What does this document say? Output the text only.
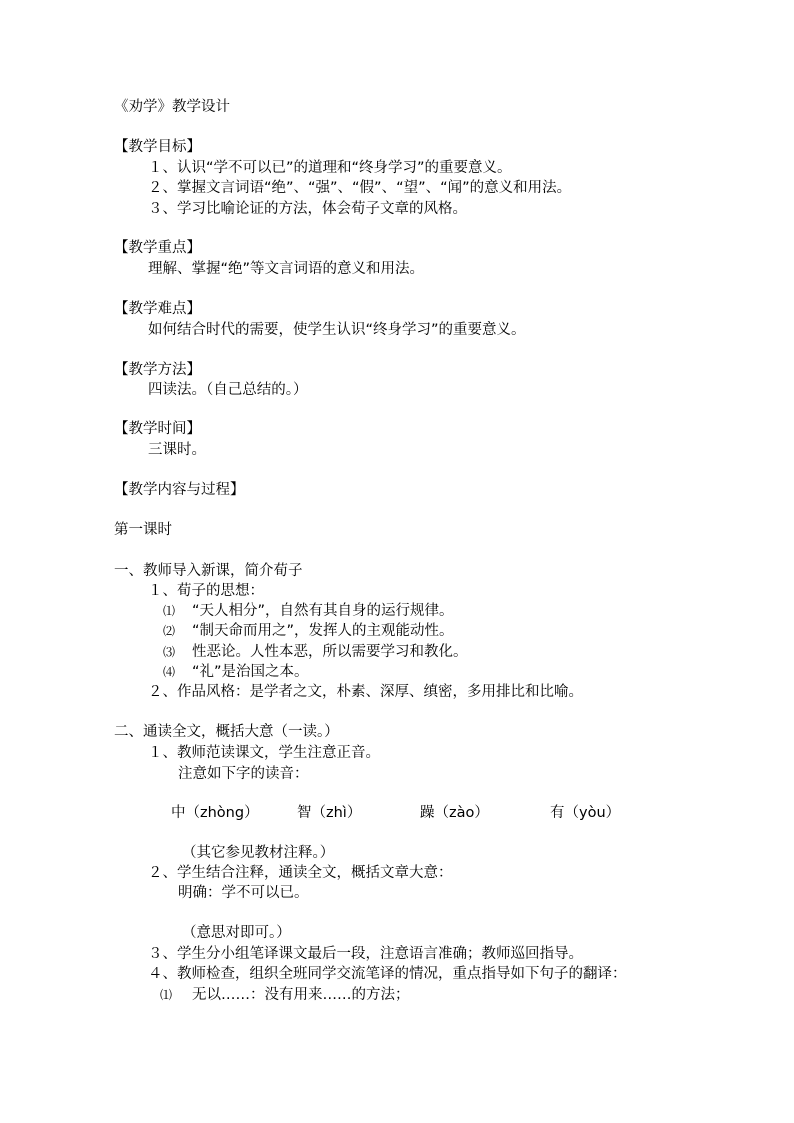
《劝学》教学设计
【教学目标】
１、认识“学不可以已”的道理和“终身学习”的重要意义。
２、掌握文言词语“绝”、“强”、“假”、“望”、“闻”的意义和用法。
３、学习比喻论证的方法，体会荀子文章的风格。
【教学重点】
理解、掌握“绝”等文言词语的意义和用法。
【教学难点】
如何结合时代的需要，使学生认识“终身学习”的重要意义。
【教学方法】
四读法。（自己总结的。）
【教学时间】
三课时。
【教学内容与过程】
第一课时
一、教师导入新课，简介荀子
１、荀子的思想：
⑴ “天人相分”，自然有其自身的运行规律。
⑵ “制天命而用之”，发挥人的主观能动性。
⑶ 性恶论。人性本恶，所以需要学习和教化。
⑷ “礼”是治国之本。
２、作品风格：是学者之文，朴素、深厚、缜密，多用排比和比喻。
二、通读全文，概括大意（一读。）
１、教师范读课文，学生注意正音。
注意如下字的读音：
中（zhòng）	智（zhì）	躁（zào）	有（yòu）
（其它参见教材注释。）
２、学生结合注释，通读全文，概括文章大意：
明确：学不可以已。
（意思对即可。）
３、学生分小组笔译课文最后一段，注意语言准确；教师巡回指导。
４、教师检查，组织全班同学交流笔译的情况，重点指导如下句子的翻译：
⑴ 无以……：没有用来……的方法；
